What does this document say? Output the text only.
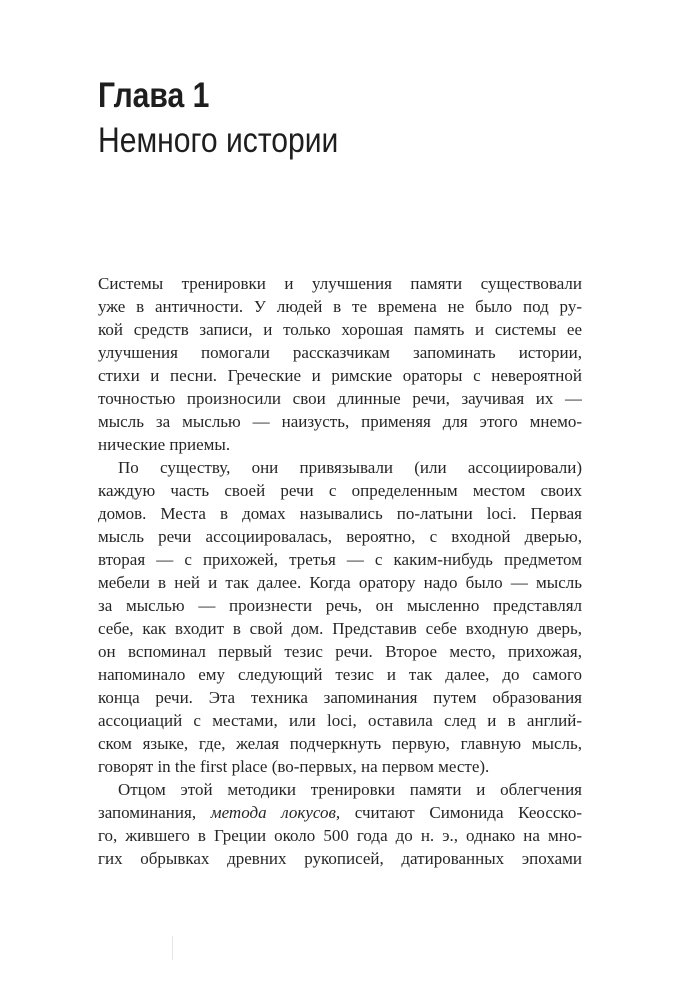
Глава 1
Немного истории
Системы тренировки и улучшения памяти существовали
уже в античности. У людей в те времена не было под ру-
кой средств записи, и только хорошая память и системы ее
улучшения помогали рассказчикам запоминать истории,
стихи и песни. Греческие и римские ораторы с невероятной
точностью произносили свои длинные речи, заучивая их —
мысль за мыслью — наизусть, применяя для этого мнемо-
нические приемы.
По существу, они привязывали (или ассоциировали)
каждую часть своей речи с определенным местом своих
домов. Места в домах назывались по-латыни loci. Первая
мысль речи ассоциировалась, вероятно, с входной дверью,
вторая — с прихожей, третья — с каким-нибудь предметом
мебели в ней и так далее. Когда оратору надо было — мысль
за мыслью — произнести речь, он мысленно представлял
себе, как входит в свой дом. Представив себе входную дверь,
он вспоминал первый тезис речи. Второе место, прихожая,
напоминало ему следующий тезис и так далее, до самого
конца речи. Эта техника запоминания путем образования
ассоциаций с местами, или loci, оставила след и в англий-
ском языке, где, желая подчеркнуть первую, главную мысль,
говорят in the first place (во-первых, на первом месте).
Отцом этой методики тренировки памяти и облегчения
запоминания, метода локусов, считают Симонида Кеосско-
го, жившего в Греции около 500 года до н. э., однако на мно-
гих обрывках древних рукописей, датированных эпохами
